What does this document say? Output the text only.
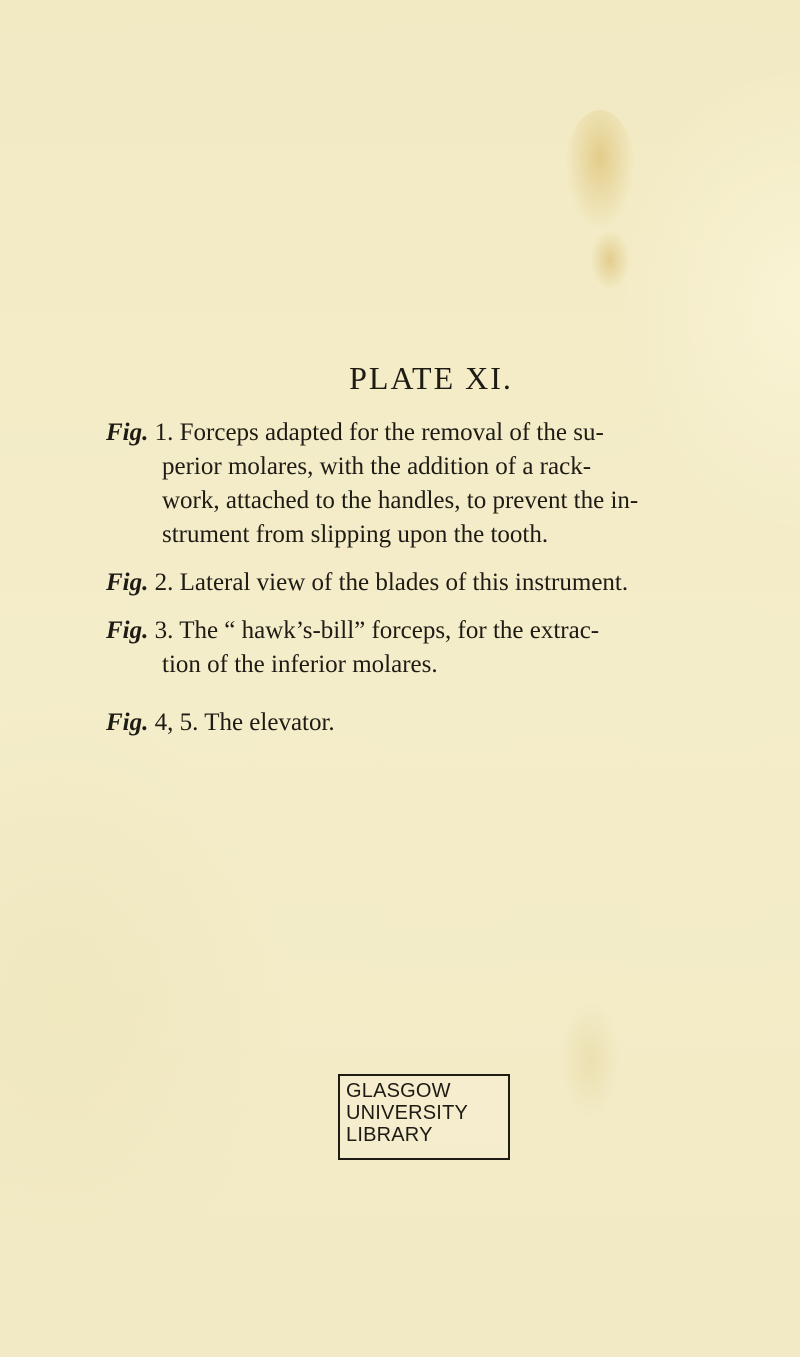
PLATE XI.
Fig. 1. Forceps adapted for the removal of the su-
perior molares, with the addition of a rack-
work, attached to the handles, to prevent the in-
strument from slipping upon the tooth.
Fig. 2. Lateral view of the blades of this instrument.
Fig. 3. The “ hawk’s-bill” forceps, for the extrac-
tion of the inferior molares.
Fig. 4, 5. The elevator.
GLASGOW
UNIVERSITY
LIBRARY
